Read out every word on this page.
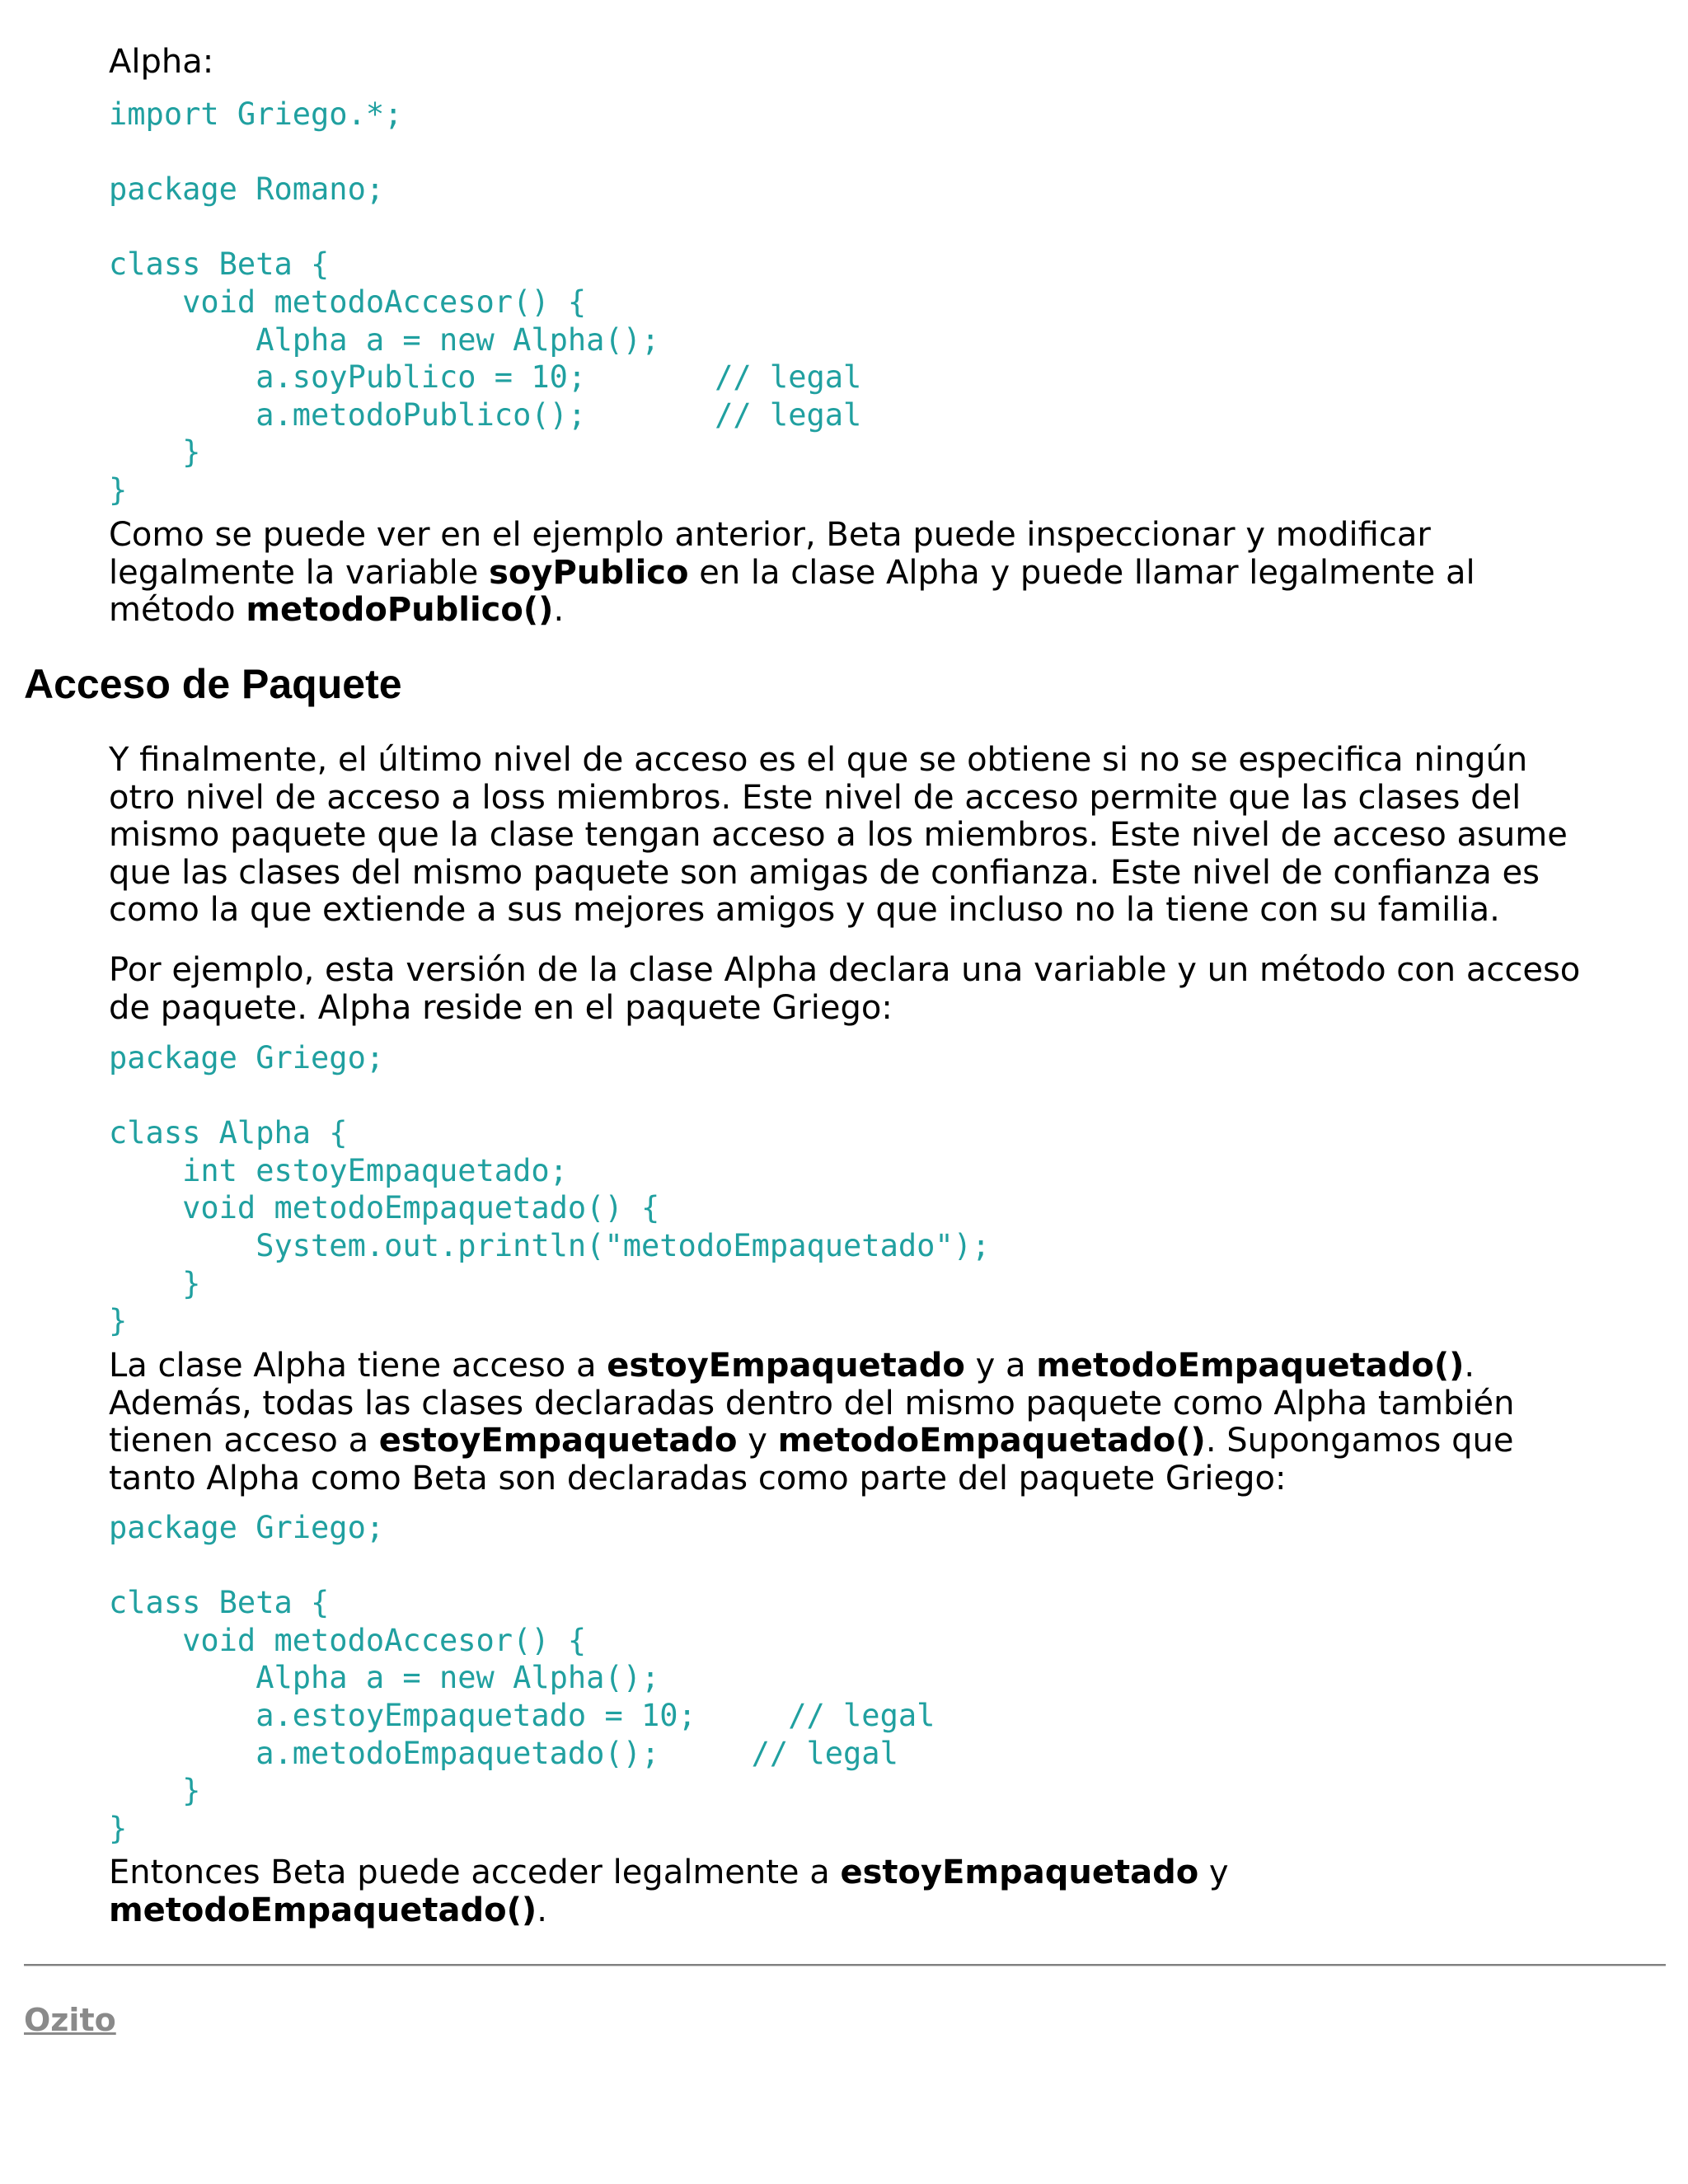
Alpha:
import Griego.*;

package Romano;

class Beta {
void metodoAccesor() {
Alpha a = new Alpha();
a.soyPublico = 10;       // legal
a.metodoPublico();       // legal
}
}

Como se puede ver en el ejemplo anterior, Beta puede inspeccionar y modificar legalmente la variable soyPublico en la clase Alpha y puede llamar legalmente al método metodoPublico().

Acceso de Paquete

Y finalmente, el último nivel de acceso es el que se obtiene si no se especifica ningún otro nivel de acceso a loss miembros. Este nivel de acceso permite que las clases del mismo paquete que la clase tengan acceso a los miembros. Este nivel de acceso asume que las clases del mismo paquete son amigas de confianza. Este nivel de confianza es como la que extiende a sus mejores amigos y que incluso no la tiene con su familia.

Por ejemplo, esta versión de la clase Alpha declara una variable y un método con acceso de paquete. Alpha reside en el paquete Griego:

package Griego;

class Alpha {
int estoyEmpaquetado;
void metodoEmpaquetado() {
System.out.println("metodoEmpaquetado");
}
}

La clase Alpha tiene acceso a estoyEmpaquetado y a metodoEmpaquetado(). Además, todas las clases declaradas dentro del mismo paquete como Alpha también tienen acceso a estoyEmpaquetado y metodoEmpaquetado(). Supongamos que tanto Alpha como Beta son declaradas como parte del paquete Griego:

package Griego;

class Beta {
void metodoAccesor() {
Alpha a = new Alpha();
a.estoyEmpaquetado = 10;     // legal
a.metodoEmpaquetado();     // legal
}
}

Entonces Beta puede acceder legalmente a estoyEmpaquetado y
metodoEmpaquetado().

Ozito
